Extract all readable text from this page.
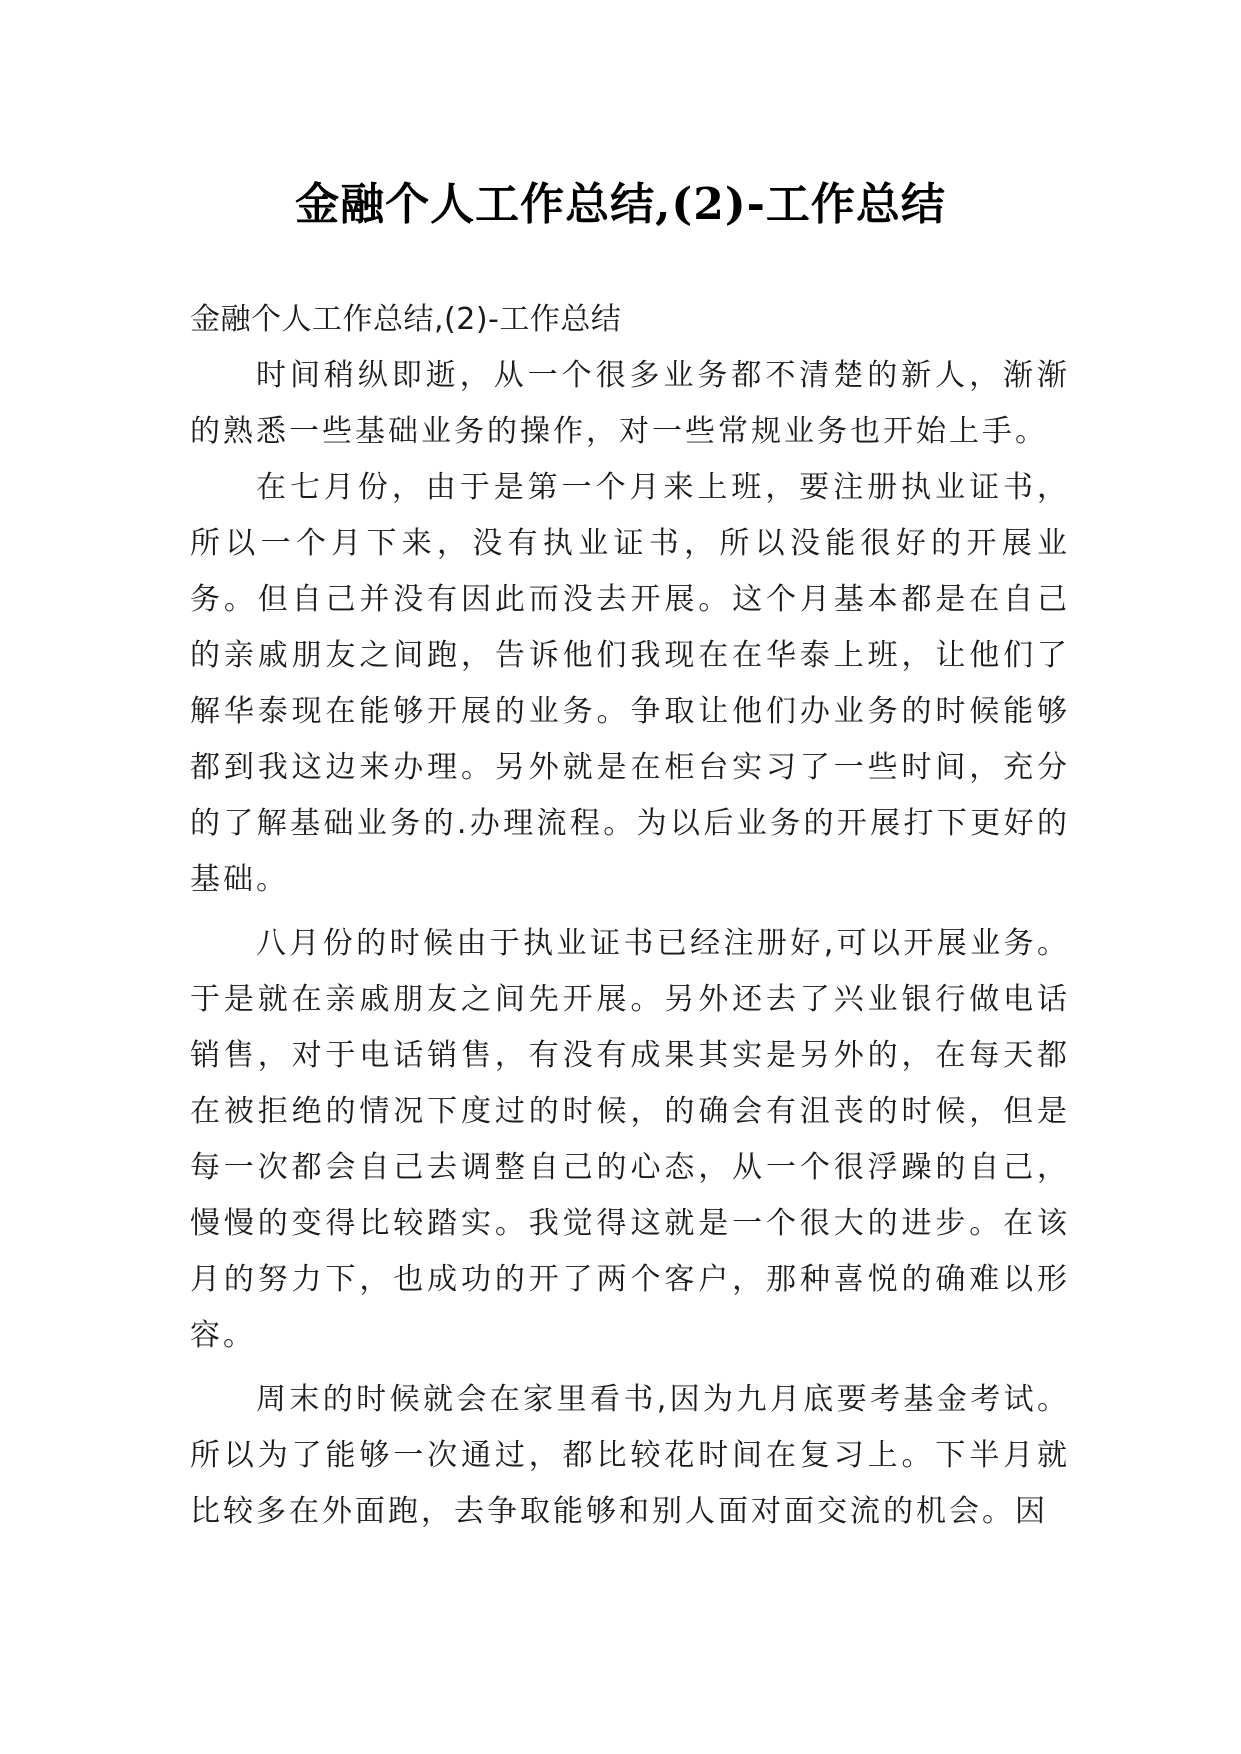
金融个人工作总结,(2)-工作总结

金融个人工作总结,(2)-工作总结

时间稍纵即逝，从一个很多业务都不清楚的新人，渐渐的熟悉一些基础业务的操作，对一些常规业务也开始上手。

在七月份，由于是第一个月来上班，要注册执业证书，所以一个月下来，没有执业证书，所以没能很好的开展业务。但自己并没有因此而没去开展。这个月基本都是在自己的亲戚朋友之间跑，告诉他们我现在在华泰上班，让他们了解华泰现在能够开展的业务。争取让他们办业务的时候能够都到我这边来办理。另外就是在柜台实习了一些时间，充分的了解基础业务的.办理流程。为以后业务的开展打下更好的基础。

八月份的时候由于执业证书已经注册好,可以开展业务。于是就在亲戚朋友之间先开展。另外还去了兴业银行做电话销售，对于电话销售，有没有成果其实是另外的，在每天都在被拒绝的情况下度过的时候，的确会有沮丧的时候，但是每一次都会自己去调整自己的心态，从一个很浮躁的自己，慢慢的变得比较踏实。我觉得这就是一个很大的进步。在该月的努力下，也成功的开了两个客户，那种喜悦的确难以形容。

周末的时候就会在家里看书,因为九月底要考基金考试。所以为了能够一次通过，都比较花时间在复习上。下半月就比较多在外面跑，去争取能够和别人面对面交流的机会。因
